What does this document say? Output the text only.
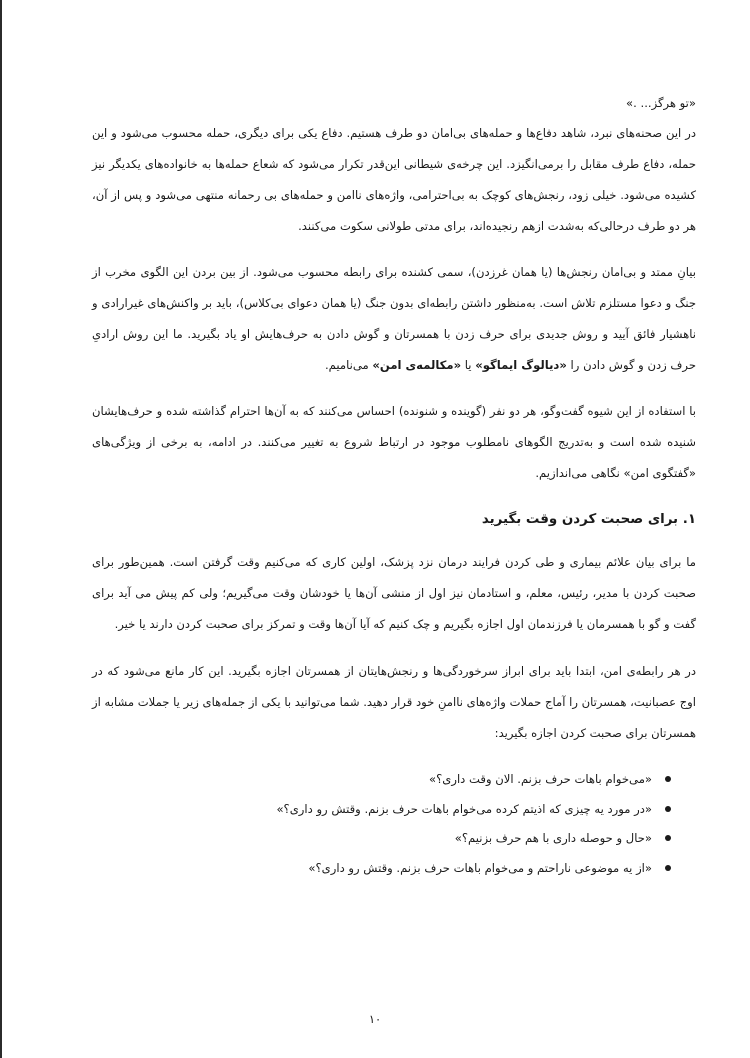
«تو هرگز... .»

در این صحنه‌های نبرد، شاهد دفاع‌ها و حمله‌های بی‌امان دو طرف هستیم. دفاع یکی برای دیگری، حمله محسوب می‌شود و این حمله، دفاع طرف مقابل را برمی‌انگیزد. این چرخه‌ی شیطانی این‌قدر تکرار می‌شود که شعاع حمله‌ها به خانواده‌های یکدیگر نیز کشیده می‌شود. خیلی زود، رنجش‌های کوچک به بی‌احترامی، واژه‌های ناامن و حمله‌های بی رحمانه منتهی می‌شود و پس از آن، هر دو طرف درحالی‌که به‌شدت ازهم رنجیده‌اند، برای مدتی طولانی سکوت می‌کنند.

بیانِ ممتد و بی‌امان رنجش‌ها (یا همان غرزدن)، سمی کشنده برای رابطه محسوب می‌شود. از بین بردن این الگوی مخرب از جنگ و دعوا مستلزم تلاش است. به‌منظور داشتن رابطه‌ای بدون جنگ (یا همان دعوای بی‌کلاس)، باید بر واکنش‌های غیرارادی و ناهشیار فائق آیید و روش جدیدی برای حرف زدن با همسرتان و گوش دادن به حرف‌هایش او یاد بگیرید. ما این روش ارادیِ حرف زدن و گوش دادن را «دیالوگ ایماگو» یا «مکالمه‌ی امن» می‌نامیم.

با استفاده از این شیوه گفت‌وگو، هر دو نفر (گوینده و شنونده) احساس می‌کنند که به آن‌ها احترام گذاشته شده و حرف‌هایشان شنیده شده است و به‌تدریج الگوهای نامطلوب موجود در ارتباط شروع به تغییر می‌کنند. در ادامه، به برخی از ویژگی‌های «گفتگوی امن» نگاهی می‌اندازیم.

۱. برای صحبت کردن وقت بگیرید

ما برای بیان علائم بیماری و طی کردن فرایند درمان نزد پزشک، اولین کاری که می‌کنیم وقت گرفتن است. همین‌طور برای صحبت کردن با مدیر، رئیس، معلم، و استادمان نیز اول از منشی آن‌ها یا خودشان وقت می‌گیریم؛ ولی کم پیش می آید برای گفت و گو با همسرمان یا فرزندمان اول اجازه بگیریم و چک کنیم که آیا آن‌ها وقت و تمرکز برای صحبت کردن دارند یا خیر.

در هر رابطه‌ی امن، ابتدا باید برای ابراز سرخوردگی‌ها و رنجش‌هایتان از همسرتان اجازه بگیرید. این کار مانع می‌شود که در اوج عصبانیت، همسرتان را آماج حملات واژه‌های ناامنِ خود قرار دهید. شما می‌توانید با یکی از جمله‌های زیر یا جملات مشابه از همسرتان برای صحبت کردن اجازه بگیرید:

«می‌خوام باهات حرف بزنم. الان وقت داری؟»
«در مورد یه چیزی که اذیتم کرده می‌خوام باهات حرف بزنم. وقتش رو داری؟»
«حال و حوصله داری با هم حرف بزنیم؟»
«از یه موضوعی ناراحتم و می‌خوام باهات حرف بزنم. وقتش رو داری؟»
۱۰
